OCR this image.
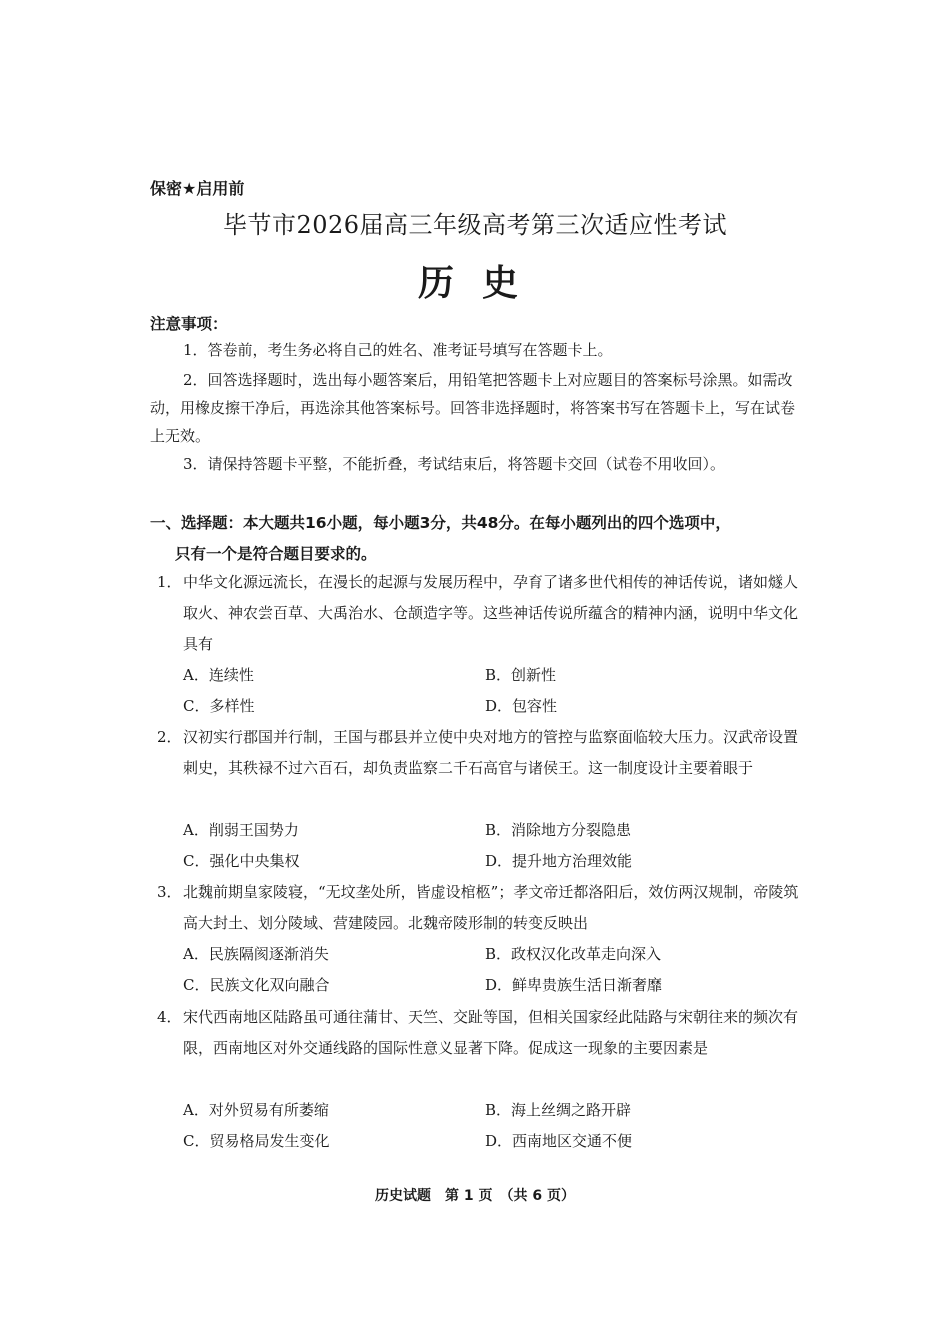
保密★启用前
毕节市2026届高三年级高考第三次适应性考试
历史
注意事项：

1．答卷前，考生务必将自己的姓名、准考证号填写在答题卡上。

2．回答选择题时，选出每小题答案后，用铅笔把答题卡上对应题目的答案标号涂黑。如需改动，用橡皮擦干净后，再选涂其他答案标号。回答非选择题时，将答案书写在答题卡上，写在试卷上无效。

3．请保持答题卡平整，不能折叠，考试结束后，将答题卡交回（试卷不用收回）。

一、选择题：本大题共16小题，每小题3分，共48分。在每小题列出的四个选项中，
只有一个是符合题目要求的。
1． 中华文化源远流长，在漫长的起源与发展历程中，孕育了诸多世代相传的神话传说，诸如燧人取火、神农尝百草、大禹治水、仓颉造字等。这些神话传说所蕴含的精神内涵，说明中华文化具有
A．连续性	B．创新性
C．多样性	D．包容性
2． 汉初实行郡国并行制，王国与郡县并立使中央对地方的管控与监察面临较大压力。汉武帝设置刺史，其秩禄不过六百石，却负责监察二千石高官与诸侯王。这一制度设计主要着眼于
A．削弱王国势力	B．消除地方分裂隐患
C．强化中央集权	D．提升地方治理效能
3． 北魏前期皇家陵寝，“无坟垄处所，皆虚设棺柩”；孝文帝迁都洛阳后，效仿两汉规制，帝陵筑高大封土、划分陵域、营建陵园。北魏帝陵形制的转变反映出
A．民族隔阂逐渐消失	B．政权汉化改革走向深入
C．民族文化双向融合	D．鲜卑贵族生活日渐奢靡
4． 宋代西南地区陆路虽可通往蒲甘、天竺、交趾等国，但相关国家经此陆路与宋朝往来的频次有限，西南地区对外交通线路的国际性意义显著下降。促成这一现象的主要因素是
A．对外贸易有所萎缩	B．海上丝绸之路开辟
C．贸易格局发生变化	D．西南地区交通不便
历史试题　第 1 页　（共 6 页）
